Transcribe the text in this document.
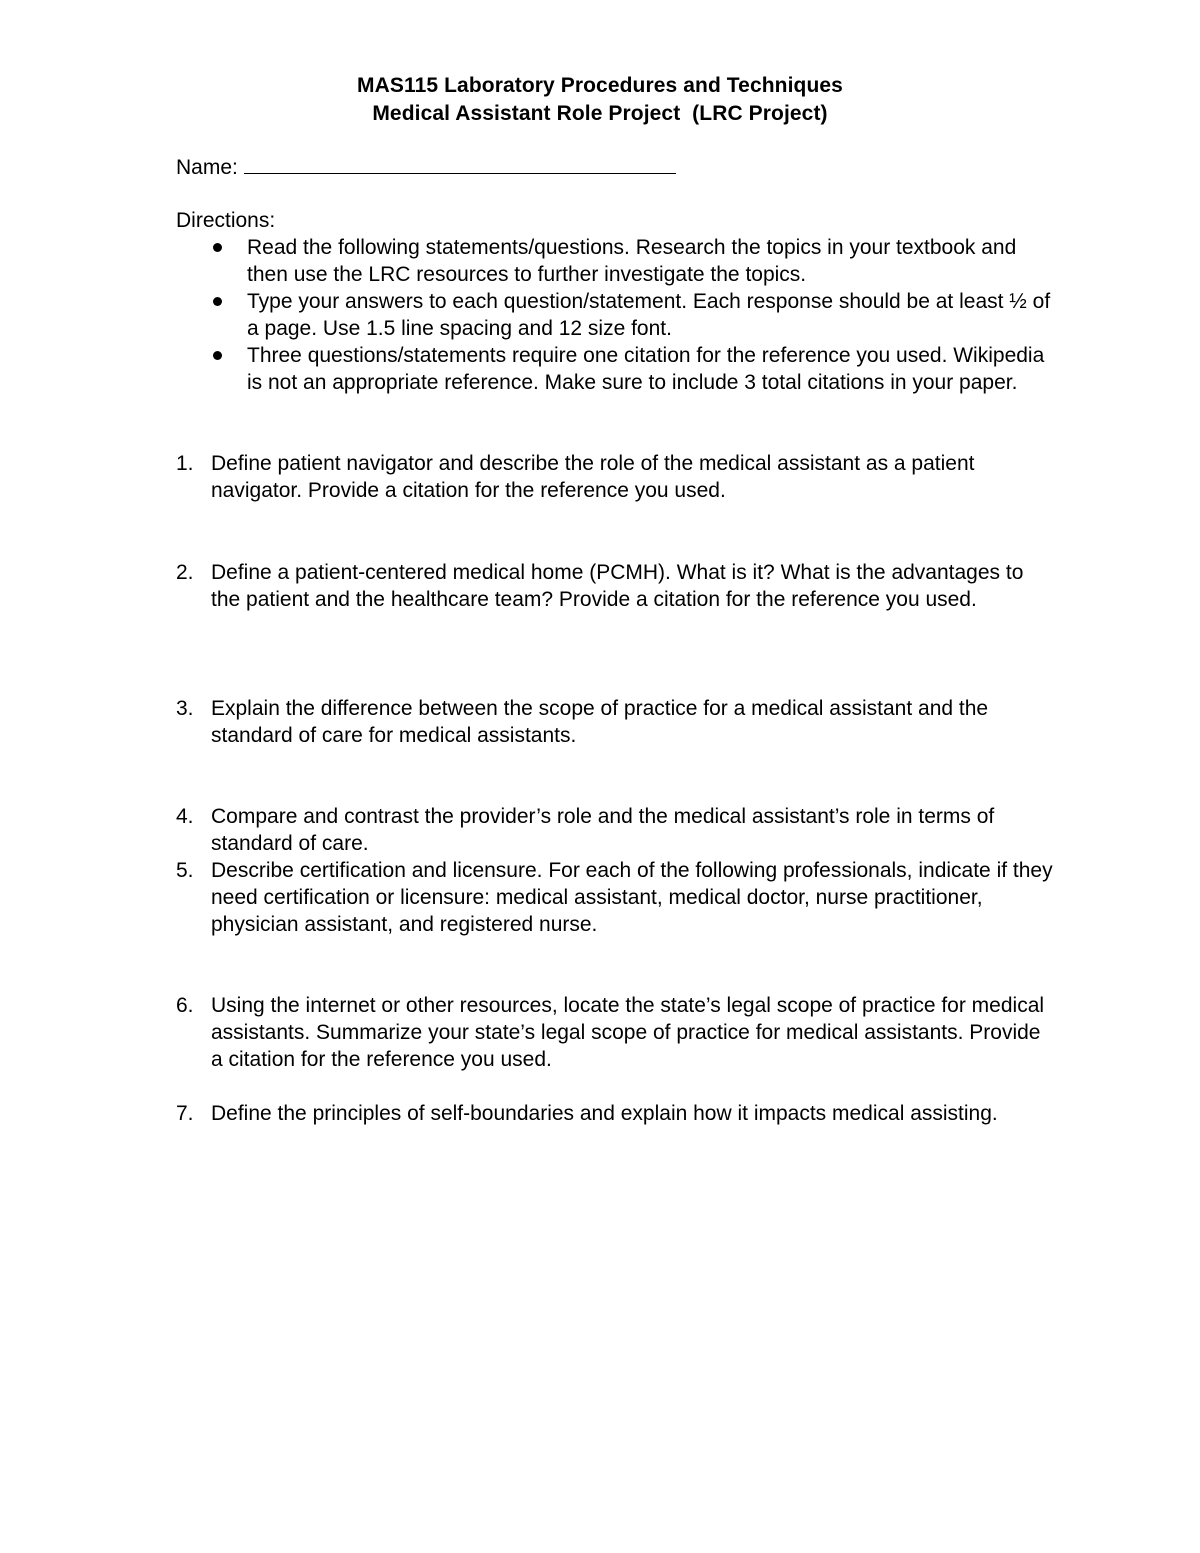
MAS115 Laboratory Procedures and Techniques
Medical Assistant Role Project  (LRC Project)
Name:
Directions:
Read the following statements/questions. Research the topics in your textbook and then use the LRC resources to further investigate the topics.
Type your answers to each question/statement. Each response should be at least ½ of a page. Use 1.5 line spacing and 12 size font.
Three questions/statements require one citation for the reference you used. Wikipedia is not an appropriate reference. Make sure to include 3 total citations in your paper.
1. Define patient navigator and describe the role of the medical assistant as a patient navigator. Provide a citation for the reference you used.
2. Define a patient-centered medical home (PCMH). What is it? What is the advantages to the patient and the healthcare team? Provide a citation for the reference you used.
3. Explain the difference between the scope of practice for a medical assistant and the standard of care for medical assistants.
4. Compare and contrast the provider’s role and the medical assistant’s role in terms of standard of care.
5. Describe certification and licensure. For each of the following professionals, indicate if they need certification or licensure: medical assistant, medical doctor, nurse practitioner, physician assistant, and registered nurse.
6. Using the internet or other resources, locate the state’s legal scope of practice for medical assistants. Summarize your state’s legal scope of practice for medical assistants. Provide a citation for the reference you used.
7. Define the principles of self-boundaries and explain how it impacts medical assisting.
